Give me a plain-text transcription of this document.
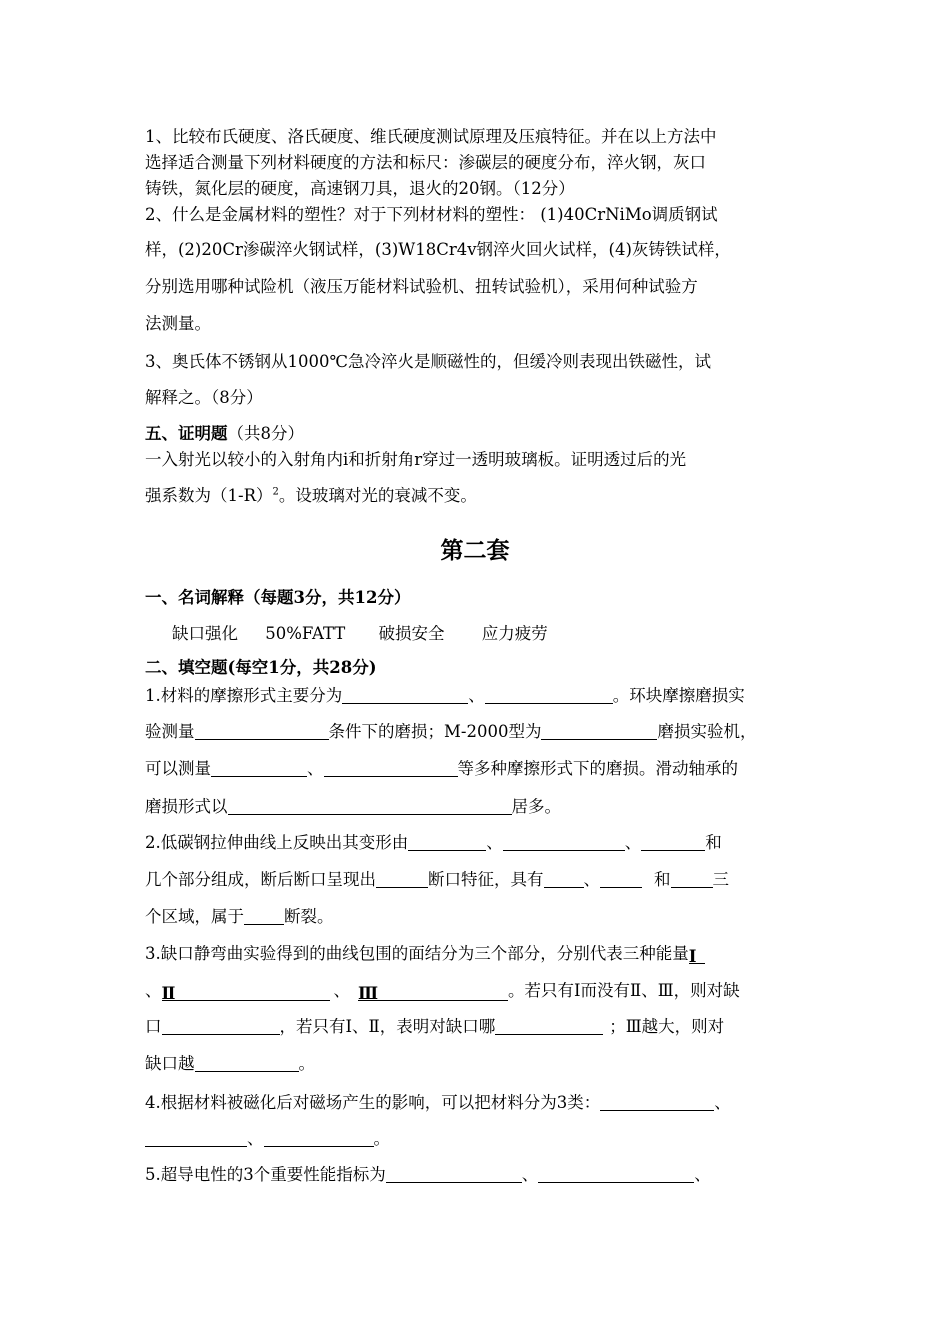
1、比较布氏硬度、洛氏硬度、维氏硬度测试原理及压痕特征。并在以上方法中
选择适合测量下列材料硬度的方法和标尺：渗碳层的硬度分布，淬火钢，灰口
铸铁，氮化层的硬度，高速钢刀具，退火的20钢。（12分）
2、什么是金属材料的塑性？对于下列材材料的塑性： (1)40CrNiMo调质钢试
样，(2)20Cr渗碳淬火钢试样，(3)W18Cr4v钢淬火回火试样，(4)灰铸铁试样，
分别选用哪种试险机（液压万能材料试验机、扭转试验机），采用何种试验方
法测量。
3、奥氏体不锈钢从1000℃急冷淬火是顺磁性的，但缓冷则表现出铁磁性，试
解释之。（8分）
五、证明题（共8分）
一入射光以较小的入射角内i和折射角r穿过一透明玻璃板。证明透过后的光
强系数为$(1-R)^2$。设玻璃对光的衰减不变。
第二套
一、名词解释（每题3分，共12分）
缺口强化 50%FATT 破损安全 应力疲劳
二、填空题(每空1分，共28分)
1.材料的摩擦形式主要分为	、	。环块摩擦磨损实
验测量	条件下的磨损；M-2000型为	磨损实验机，
可以测量	、	等多种摩擦形式下的磨损。滑动轴承的
磨损形式以	居多。
2.低碳钢拉伸曲线上反映出其变形由	、	、	和
几个部分组成，断后断口呈现出	断口特征，具有 、	和	三
个区域，属于 断裂。
3.缺口静弯曲实验得到的曲线包围的面结分为三个部分，分别代表三种能量Ⅰ
、Ⅱ	、 Ⅲ	。若只有Ⅰ而没有Ⅱ、Ⅲ，则对缺
口	，若只有Ⅰ、Ⅱ，表明对缺口哪	；Ⅲ越大，则对
缺口越	。
4.根据材料被磁化后对磁场产生的影响，可以把材料分为3类：	、
、	。
5.超导电性的3个重要性能指标为	、	、
